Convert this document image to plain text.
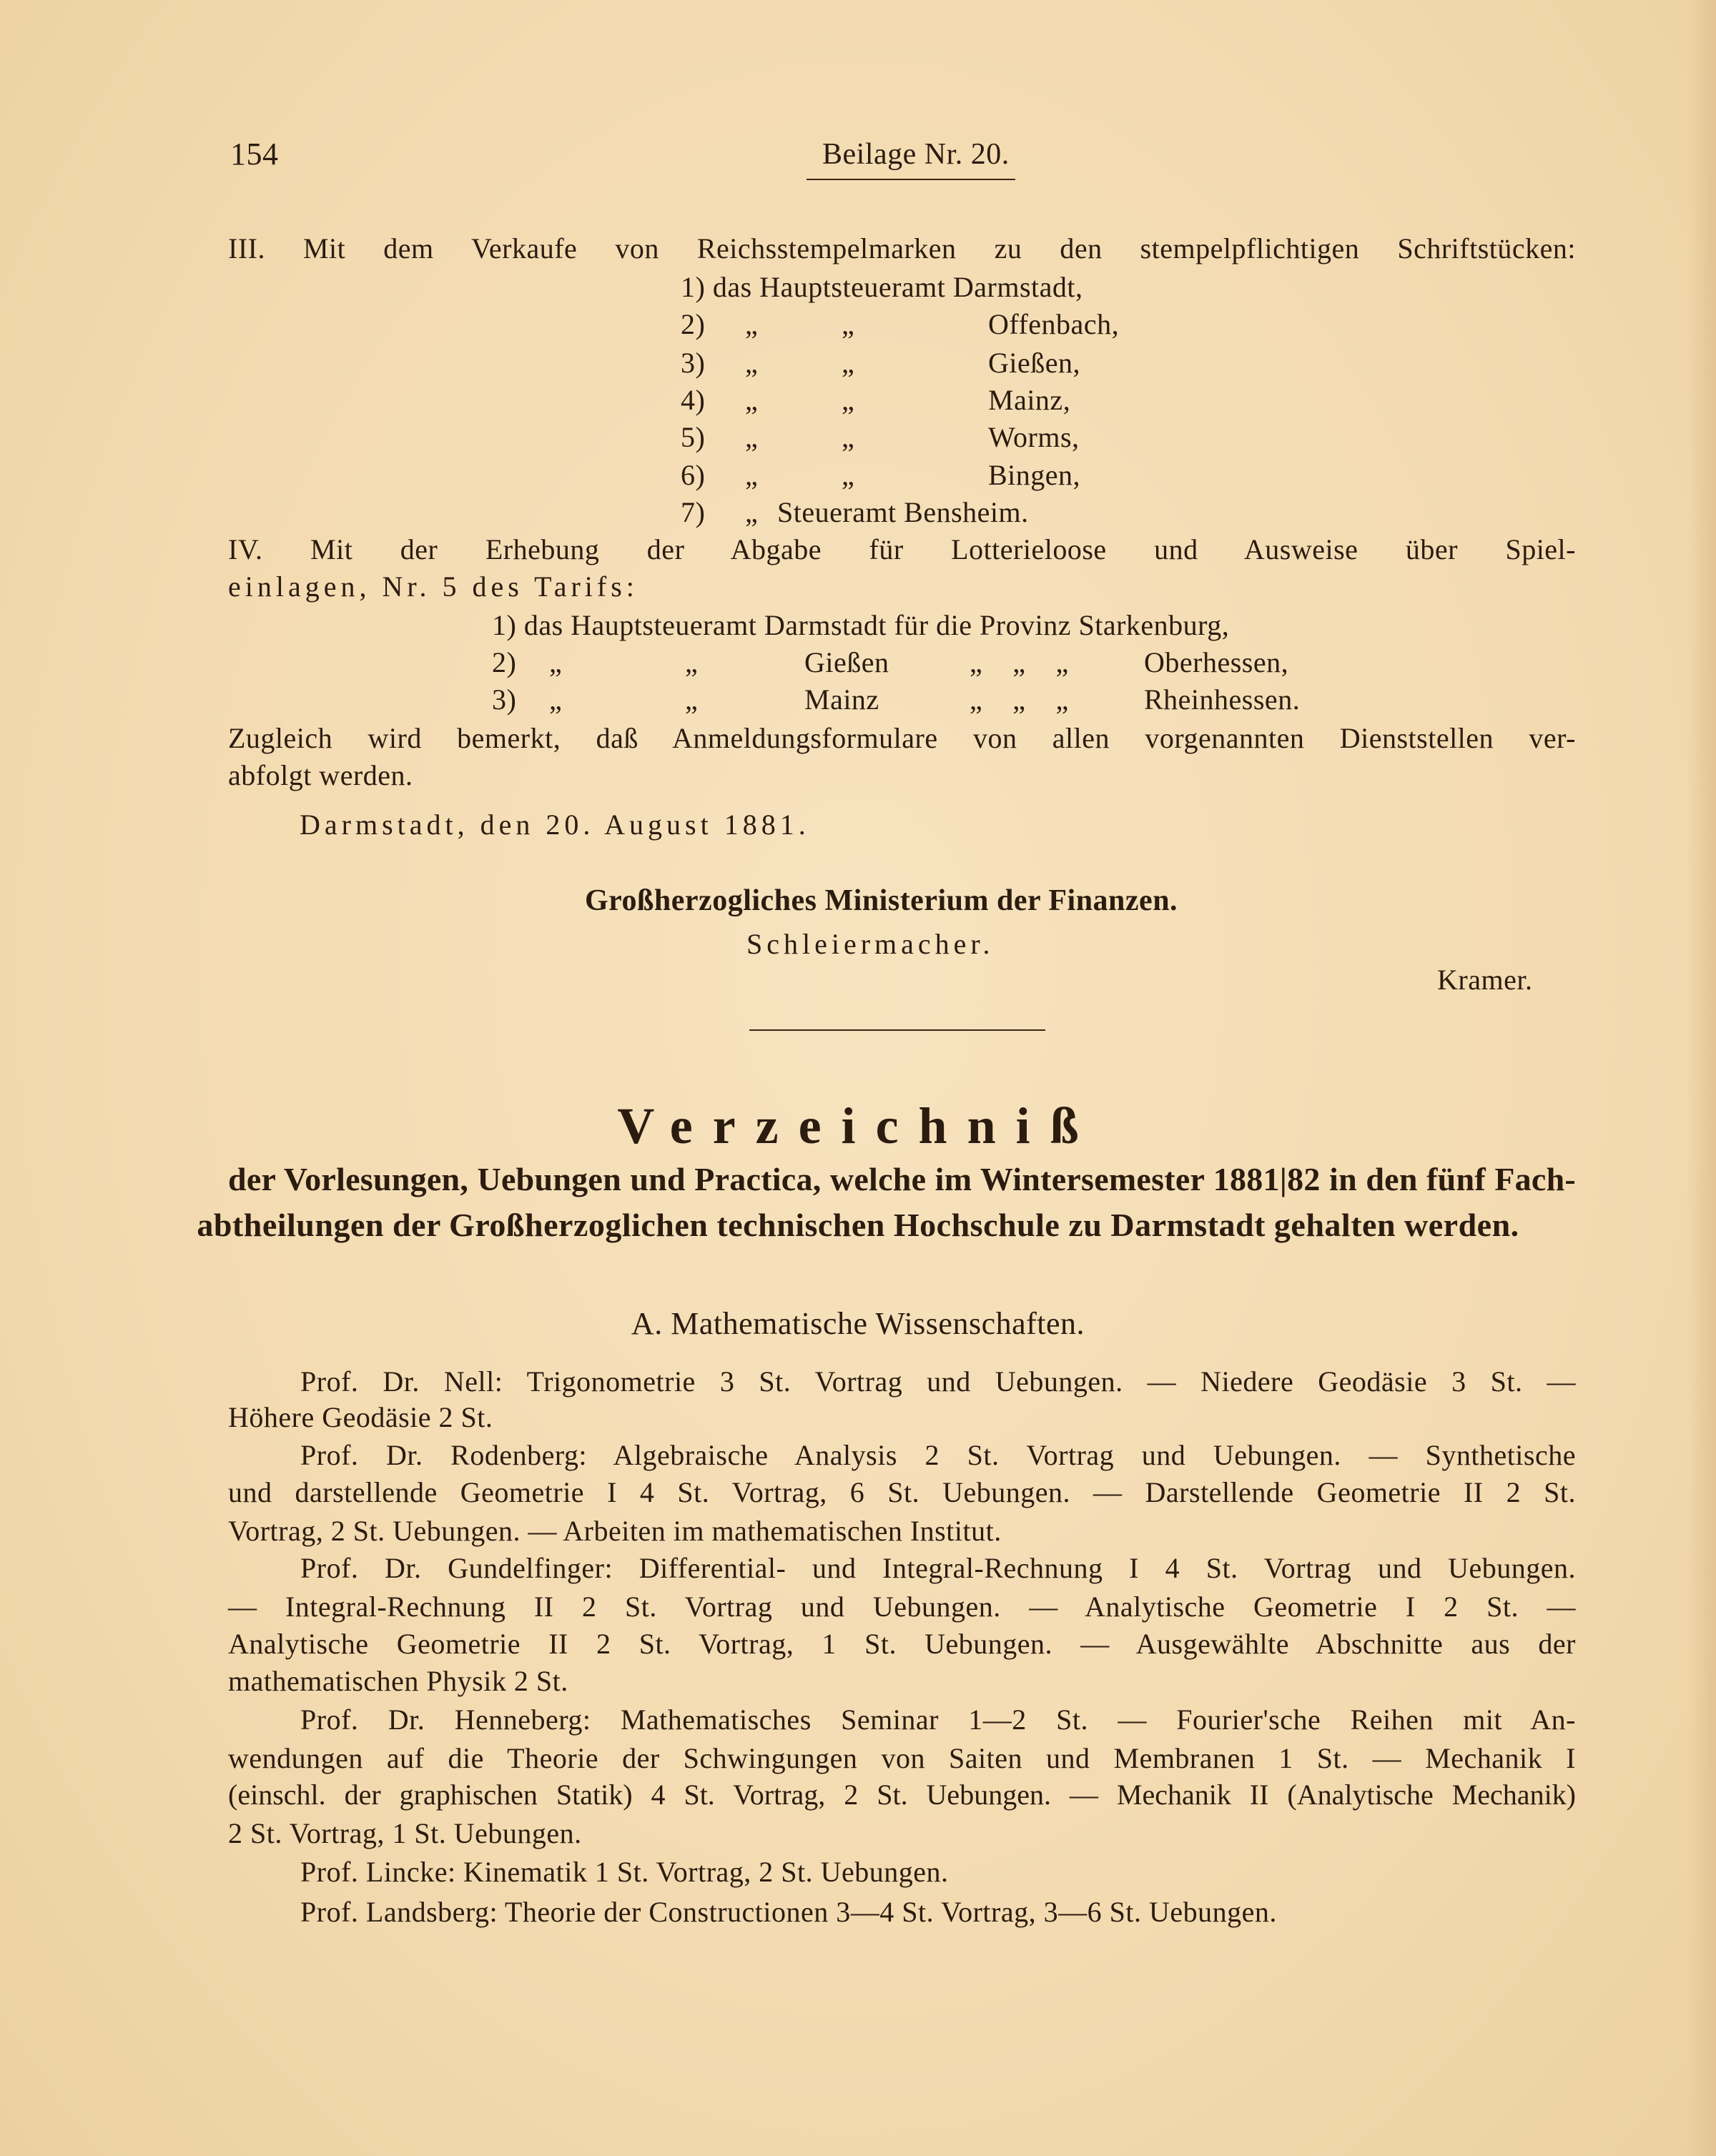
154	Beilage Nr. 20.
III. Mit dem Verkaufe von Reichsstempelmarken zu den stempelpflichtigen Schriftstücken:
1) das Hauptsteueramt Darmstadt,
2) „	„	Offenbach,
3) „	„	Gießen,
4) „	„	Mainz,
5) „	„	Worms,
6) „	„	Bingen,
7) „ Steueramt Bensheim.
IV. Mit der Erhebung der Abgabe für Lotterieloose und Ausweise über Spiel-
einlagen, Nr. 5 des Tarifs:
1) das Hauptsteueramt Darmstadt für die Provinz Starkenburg,
2) „	„	Gießen	„    „    „	Oberhessen,
3) „	„	Mainz	„    „    „	Rheinhessen.
Zugleich wird bemerkt, daß Anmeldungsformulare von allen vorgenannten Dienststellen ver-
abfolgt werden.
Darmstadt, den 20. August 1881.
Großherzogliches Ministerium der Finanzen.
Schleiermacher.
Kramer.
Verzeichniß
der Vorlesungen, Uebungen und Practica, welche im Wintersemester 1881|82 in den fünf Fach-
abtheilungen der Großherzoglichen technischen Hochschule zu Darmstadt gehalten werden.
A. Mathematische Wissenschaften.
Prof. Dr. Nell: Trigonometrie 3 St. Vortrag und Uebungen. — Niedere Geodäsie 3 St. —
Höhere Geodäsie 2 St.
Prof. Dr. Rodenberg: Algebraische Analysis 2 St. Vortrag und Uebungen. — Synthetische
und darstellende Geometrie I 4 St. Vortrag, 6 St. Uebungen. — Darstellende Geometrie II 2 St.
Vortrag, 2 St. Uebungen. — Arbeiten im mathematischen Institut.
Prof. Dr. Gundelfinger: Differential- und Integral-Rechnung I 4 St. Vortrag und Uebungen.
— Integral-Rechnung II 2 St. Vortrag und Uebungen. — Analytische Geometrie I 2 St. —
Analytische Geometrie II 2 St. Vortrag, 1 St. Uebungen. — Ausgewählte Abschnitte aus der
mathematischen Physik 2 St.
Prof. Dr. Henneberg: Mathematisches Seminar 1—2 St. — Fourier'sche Reihen mit An-
wendungen auf die Theorie der Schwingungen von Saiten und Membranen 1 St. — Mechanik I
(einschl. der graphischen Statik) 4 St. Vortrag, 2 St. Uebungen. — Mechanik II (Analytische Mechanik)
2 St. Vortrag, 1 St. Uebungen.
Prof. Lincke: Kinematik 1 St. Vortrag, 2 St. Uebungen.
Prof. Landsberg: Theorie der Constructionen 3—4 St. Vortrag, 3—6 St. Uebungen.
